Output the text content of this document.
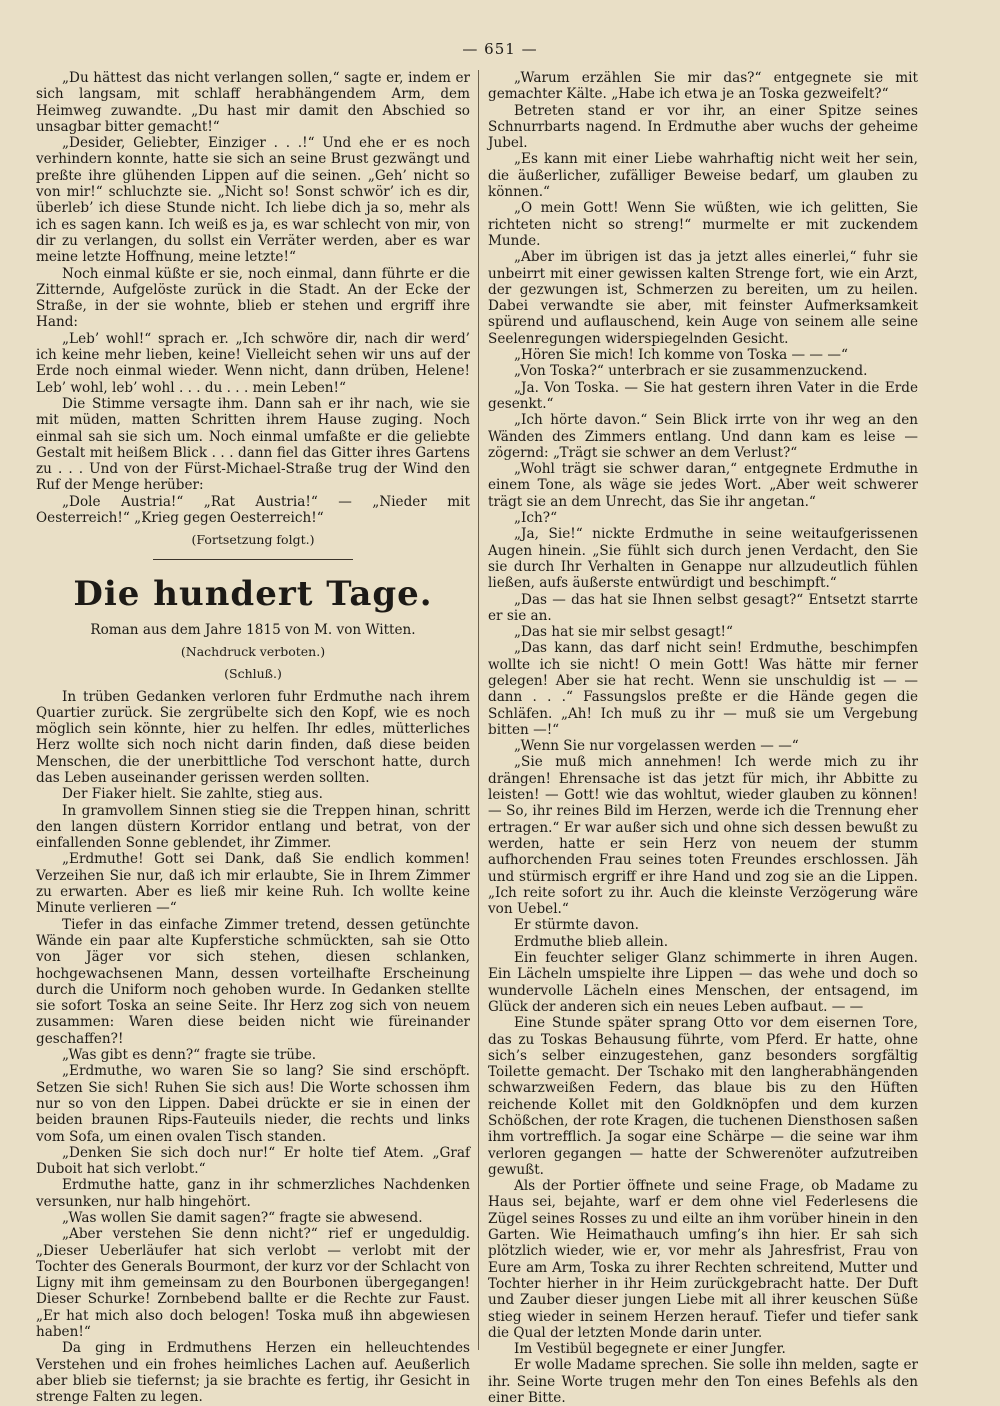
— 651 —

„Du hättest das nicht verlangen sollen,“ sagte er, indem er sich langsam, mit schlaff herabhängendem Arm, dem Heimweg zuwandte. „Du hast mir damit den Abschied so unsagbar bitter gemacht!“

„Desider, Geliebter, Einziger . . .!“ Und ehe er es noch verhindern konnte, hatte sie sich an seine Brust gezwängt und preßte ihre glühenden Lippen auf die seinen. „Geh’ nicht so von mir!“ schluchzte sie. „Nicht so! Sonst schwör’ ich es dir, überleb’ ich diese Stunde nicht. Ich liebe dich ja so, mehr als ich es sagen kann. Ich weiß es ja, es war schlecht von mir, von dir zu verlangen, du sollst ein Verräter werden, aber es war meine letzte Hoffnung, meine letzte!“

Noch einmal küßte er sie, noch einmal, dann führte er die Zitternde, Aufgelöste zurück in die Stadt. An der Ecke der Straße, in der sie wohnte, blieb er stehen und ergriff ihre Hand:

„Leb’ wohl!“ sprach er. „Ich schwöre dir, nach dir werd’ ich keine mehr lieben, keine! Vielleicht sehen wir uns auf der Erde noch einmal wieder. Wenn nicht, dann drüben, Helene! Leb’ wohl, leb’ wohl . . . du . . . mein Leben!“

Die Stimme versagte ihm. Dann sah er ihr nach, wie sie mit müden, matten Schritten ihrem Hause zuging. Noch einmal sah sie sich um. Noch einmal umfaßte er die geliebte Gestalt mit heißem Blick . . . dann fiel das Gitter ihres Gartens zu . . . Und von der Fürst-Michael-Straße trug der Wind den Ruf der Menge herüber:

„Dole Austria!“ „Rat Austria!“ — „Nieder mit Oesterreich!“ „Krieg gegen Oesterreich!“

(Fortsetzung folgt.)
Die hundert Tage.
Roman aus dem Jahre 1815 von M. von Witten.
(Nachdruck verboten.)
(Schluß.)

In trüben Gedanken verloren fuhr Erdmuthe nach ihrem Quartier zurück. Sie zergrübelte sich den Kopf, wie es noch möglich sein könnte, hier zu helfen. Ihr edles, mütterliches Herz wollte sich noch nicht darin finden, daß diese beiden Menschen, die der unerbittliche Tod verschont hatte, durch das Leben auseinander gerissen werden sollten.

Der Fiaker hielt. Sie zahlte, stieg aus.

In gramvollem Sinnen stieg sie die Treppen hinan, schritt den langen düstern Korridor entlang und betrat, von der einfallenden Sonne geblendet, ihr Zimmer.

„Erdmuthe! Gott sei Dank, daß Sie endlich kommen! Verzeihen Sie nur, daß ich mir erlaubte, Sie in Ihrem Zimmer zu erwarten. Aber es ließ mir keine Ruh. Ich wollte keine Minute verlieren —“

Tiefer in das einfache Zimmer tretend, dessen getünchte Wände ein paar alte Kupferstiche schmückten, sah sie Otto von Jäger vor sich stehen, diesen schlanken, hochgewachsenen Mann, dessen vorteilhafte Erscheinung durch die Uniform noch gehoben wurde. In Gedanken stellte sie sofort Toska an seine Seite. Ihr Herz zog sich von neuem zusammen: Waren diese beiden nicht wie füreinander geschaffen?!

„Was gibt es denn?“ fragte sie trübe.

„Erdmuthe, wo waren Sie so lang? Sie sind erschöpft. Setzen Sie sich! Ruhen Sie sich aus! Die Worte schossen ihm nur so von den Lippen. Dabei drückte er sie in einen der beiden braunen Rips-Fauteuils nieder, die rechts und links vom Sofa, um einen ovalen Tisch standen.

„Denken Sie sich doch nur!“ Er holte tief Atem. „Graf Duboit hat sich verlobt.“

Erdmuthe hatte, ganz in ihr schmerzliches Nachdenken versunken, nur halb hingehört.

„Was wollen Sie damit sagen?“ fragte sie abwesend.

„Aber verstehen Sie denn nicht?“ rief er ungeduldig. „Dieser Ueberläufer hat sich verlobt — verlobt mit der Tochter des Generals Bourmont, der kurz vor der Schlacht von Ligny mit ihm gemeinsam zu den Bourbonen übergegangen! Dieser Schurke! Zornbebend ballte er die Rechte zur Faust. „Er hat mich also doch belogen! Toska muß ihn abgewiesen haben!“

Da ging in Erdmuthens Herzen ein helleuchtendes Verstehen und ein frohes heimliches Lachen auf. Aeußerlich aber blieb sie tiefernst; ja sie brachte es fertig, ihr Gesicht in strenge Falten zu legen.

„Warum erzählen Sie mir das?“ entgegnete sie mit gemachter Kälte. „Habe ich etwa je an Toska gezweifelt?“

Betreten stand er vor ihr, an einer Spitze seines Schnurrbarts nagend. In Erdmuthe aber wuchs der geheime Jubel.

„Es kann mit einer Liebe wahrhaftig nicht weit her sein, die äußerlicher, zufälliger Beweise bedarf, um glauben zu können.“

„O mein Gott! Wenn Sie wüßten, wie ich gelitten, Sie richteten nicht so streng!“ murmelte er mit zuckendem Munde.

„Aber im übrigen ist das ja jetzt alles einerlei,“ fuhr sie unbeirrt mit einer gewissen kalten Strenge fort, wie ein Arzt, der gezwungen ist, Schmerzen zu bereiten, um zu heilen. Dabei verwandte sie aber, mit feinster Aufmerksamkeit spürend und auflauschend, kein Auge von seinem alle seine Seelenregungen widerspiegelnden Gesicht.

„Hören Sie mich! Ich komme von Toska — — —“

„Von Toska?“ unterbrach er sie zusammenzuckend.

„Ja. Von Toska. — Sie hat gestern ihren Vater in die Erde gesenkt.“

„Ich hörte davon.“ Sein Blick irrte von ihr weg an den Wänden des Zimmers entlang. Und dann kam es leise — zögernd: „Trägt sie schwer an dem Verlust?“

„Wohl trägt sie schwer daran,“ entgegnete Erdmuthe in einem Tone, als wäge sie jedes Wort. „Aber weit schwerer trägt sie an dem Unrecht, das Sie ihr angetan.“

„Ich?“

„Ja, Sie!“ nickte Erdmuthe in seine weitaufgerissenen Augen hinein. „Sie fühlt sich durch jenen Verdacht, den Sie sie durch Ihr Verhalten in Genappe nur allzudeutlich fühlen ließen, aufs äußerste entwürdigt und beschimpft.“

„Das — das hat sie Ihnen selbst gesagt?“ Entsetzt starrte er sie an.

„Das hat sie mir selbst gesagt!“

„Das kann, das darf nicht sein! Erdmuthe, beschimpfen wollte ich sie nicht! O mein Gott! Was hätte mir ferner gelegen! Aber sie hat recht. Wenn sie unschuldig ist — — dann . . .“ Fassungslos preßte er die Hände gegen die Schläfen. „Ah! Ich muß zu ihr — muß sie um Vergebung bitten —!“

„Wenn Sie nur vorgelassen werden — —“

„Sie muß mich annehmen! Ich werde mich zu ihr drängen! Ehrensache ist das jetzt für mich, ihr Abbitte zu leisten! — Gott! wie das wohltut, wieder glauben zu können! — So, ihr reines Bild im Herzen, werde ich die Trennung eher ertragen.“ Er war außer sich und ohne sich dessen bewußt zu werden, hatte er sein Herz von neuem der stumm aufhorchenden Frau seines toten Freundes erschlossen. Jäh und stürmisch ergriff er ihre Hand und zog sie an die Lippen. „Ich reite sofort zu ihr. Auch die kleinste Verzögerung wäre von Uebel.“

Er stürmte davon.

Erdmuthe blieb allein.

Ein feuchter seliger Glanz schimmerte in ihren Augen. Ein Lächeln umspielte ihre Lippen — das wehe und doch so wundervolle Lächeln eines Menschen, der entsagend, im Glück der anderen sich ein neues Leben aufbaut. — —

Eine Stunde später sprang Otto vor dem eisernen Tore, das zu Toskas Behausung führte, vom Pferd. Er hatte, ohne sich’s selber einzugestehen, ganz besonders sorgfältig Toilette gemacht. Der Tschako mit den langherabhängenden schwarzweißen Federn, das blaue bis zu den Hüften reichende Kollet mit den Goldknöpfen und dem kurzen Schößchen, der rote Kragen, die tuchenen Diensthosen saßen ihm vortrefflich. Ja sogar eine Schärpe — die seine war ihm verloren gegangen — hatte der Schwerenöter aufzutreiben gewußt.

Als der Portier öffnete und seine Frage, ob Madame zu Haus sei, bejahte, warf er dem ohne viel Federlesens die Zügel seines Rosses zu und eilte an ihm vorüber hinein in den Garten. Wie Heimathauch umfing’s ihn hier. Er sah sich plötzlich wieder, wie er, vor mehr als Jahresfrist, Frau von Eure am Arm, Toska zu ihrer Rechten schreitend, Mutter und Tochter hierher in ihr Heim zurückgebracht hatte. Der Duft und Zauber dieser jungen Liebe mit all ihrer keuschen Süße stieg wieder in seinem Herzen herauf. Tiefer und tiefer sank die Qual der letzten Monde darin unter.

Im Vestibül begegnete er einer Jungfer.

Er wolle Madame sprechen. Sie solle ihn melden, sagte er ihr. Seine Worte trugen mehr den Ton eines Befehls als den einer Bitte.
